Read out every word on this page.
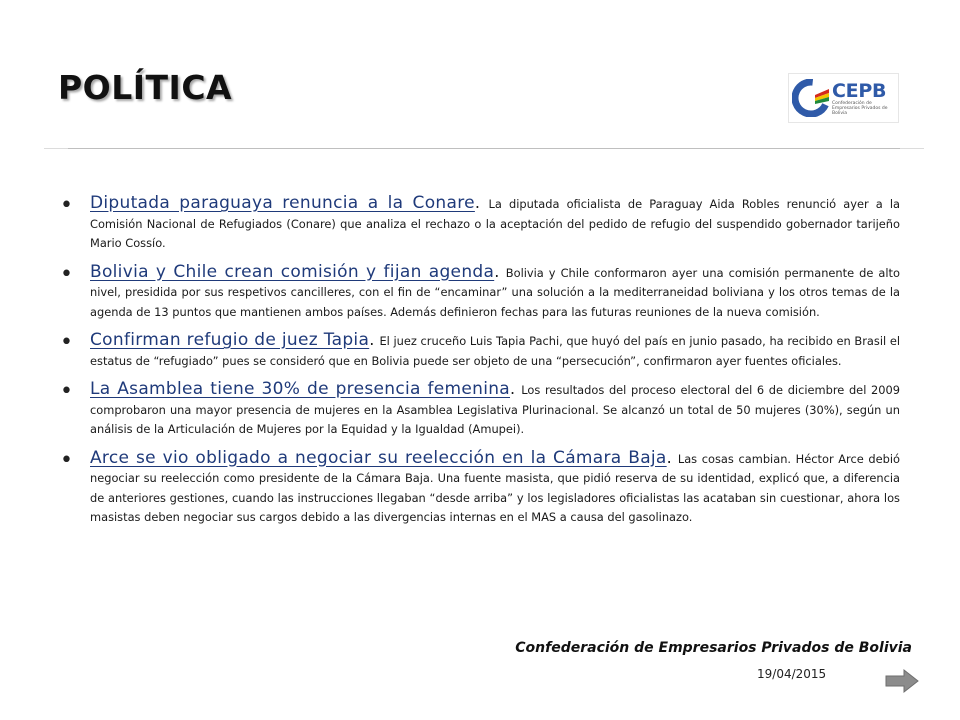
POLÍTICA	CEPB
Confederación de Empresarios Privados de Bolivia
• Diputada paraguaya renuncia a la Conare. La diputada oficialista de Paraguay Aida Robles renunció ayer a la Comisión Nacional de Refugiados (Conare) que analiza el rechazo o la aceptación del pedido de refugio del suspendido gobernador tarijeño Mario Cossío.
• Bolivia y Chile crean comisión y fijan agenda. Bolivia y Chile conformaron ayer una comisión permanente de alto nivel, presidida por sus respetivos cancilleres, con el fin de “encaminar” una solución a la mediterraneidad boliviana y los otros temas de la agenda de 13 puntos que mantienen ambos países. Además definieron fechas para las futuras reuniones de la nueva comisión.
• Confirman refugio de juez Tapia. El juez cruceño Luis Tapia Pachi, que huyó del país en junio pasado, ha recibido en Brasil el estatus de “refugiado” pues se consideró que en Bolivia puede ser objeto de una “persecución”, confirmaron ayer fuentes oficiales.
• La Asamblea tiene 30% de presencia femenina. Los resultados del proceso electoral del 6 de diciembre del 2009 comprobaron una mayor presencia de mujeres en la Asamblea Legislativa Plurinacional. Se alcanzó un total de 50 mujeres (30%), según un análisis de la Articulación de Mujeres por la Equidad y la Igualdad (Amupei).
• Arce se vio obligado a negociar su reelección en la Cámara Baja. Las cosas cambian. Héctor Arce debió negociar su reelección como presidente de la Cámara Baja. Una fuente masista, que pidió reserva de su identidad, explicó que, a diferencia de anteriores gestiones, cuando las instrucciones llegaban “desde arriba” y los legisladores oficialistas las acataban sin cuestionar, ahora los masistas deben negociar sus cargos debido a las divergencias internas en el MAS a causa del gasolinazo.
Confederación de Empresarios Privados de Bolivia
19/04/2015
